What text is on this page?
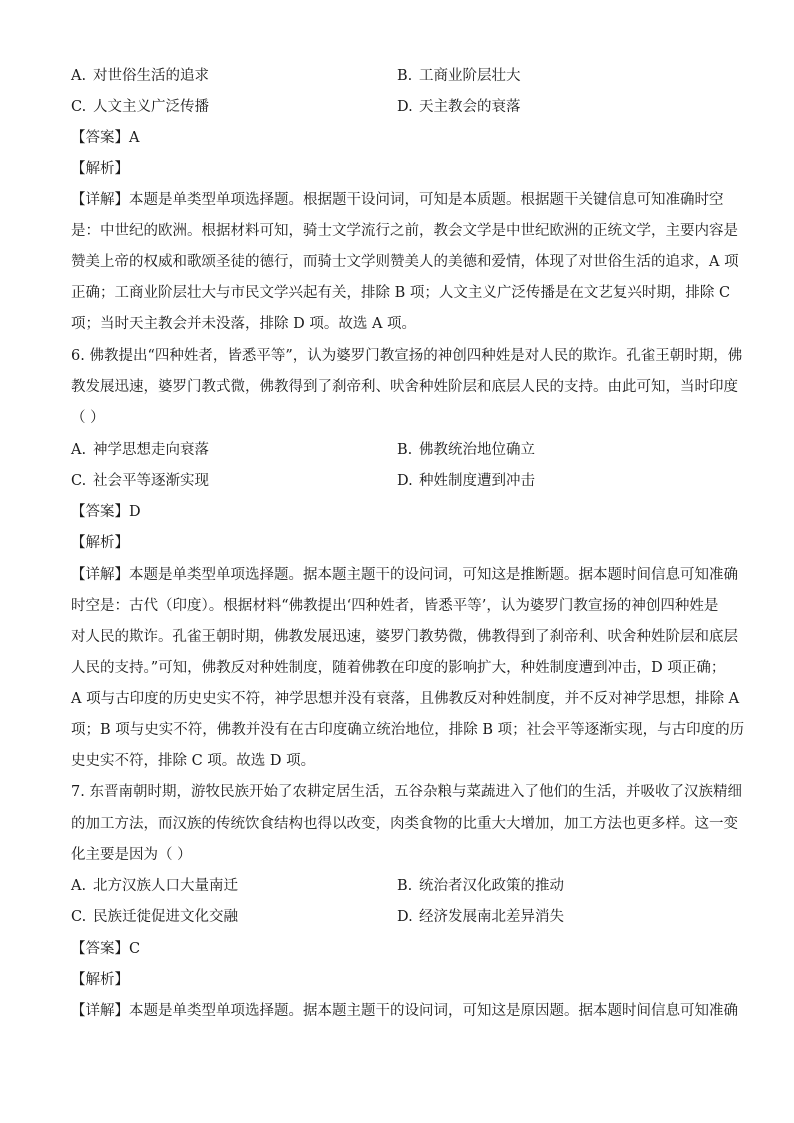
A. 对世俗生活的追求	B. 工商业阶层壮大
C. 人文主义广泛传播	D. 天主教会的衰落
【答案】A
【解析】
【详解】本题是单类型单项选择题。根据题干设问词，可知是本质题。根据题干关键信息可知准确时空
是：中世纪的欧洲。根据材料可知，骑士文学流行之前，教会文学是中世纪欧洲的正统文学，主要内容是
赞美上帝的权威和歌颂圣徒的德行，而骑士文学则赞美人的美德和爱情，体现了对世俗生活的追求，A 项
正确；工商业阶层壮大与市民文学兴起有关，排除 B 项；人文主义广泛传播是在文艺复兴时期，排除 C
项；当时天主教会并未没落，排除 D 项。故选 A 项。
6. 佛教提出“四种姓者，皆悉平等”，认为婆罗门教宣扬的神创四种姓是对人民的欺诈。孔雀王朝时期，佛
教发展迅速，婆罗门教式微，佛教得到了刹帝利、吠舍种姓阶层和底层人民的支持。由此可知，当时印度
（ ）
A. 神学思想走向衰落	B. 佛教统治地位确立
C. 社会平等逐渐实现	D. 种姓制度遭到冲击
【答案】D
【解析】
【详解】本题是单类型单项选择题。据本题主题干的设问词，可知这是推断题。据本题时间信息可知准确
时空是：古代（印度）。根据材料“佛教提出‘四种姓者，皆悉平等’，认为婆罗门教宣扬的神创四种姓是
对人民的欺诈。孔雀王朝时期，佛教发展迅速，婆罗门教势微，佛教得到了刹帝利、吠舍种姓阶层和底层
人民的支持。”可知，佛教反对种姓制度，随着佛教在印度的影响扩大，种姓制度遭到冲击，D 项正确；
A 项与古印度的历史史实不符，神学思想并没有衰落，且佛教反对种姓制度，并不反对神学思想，排除 A
项；B 项与史实不符，佛教并没有在古印度确立统治地位，排除 B 项；社会平等逐渐实现，与古印度的历
史史实不符，排除 C 项。故选 D 项。
7. 东晋南朝时期，游牧民族开始了农耕定居生活，五谷杂粮与菜蔬进入了他们的生活，并吸收了汉族精细
的加工方法，而汉族的传统饮食结构也得以改变，肉类食物的比重大大增加，加工方法也更多样。这一变
化主要是因为（ ）
A. 北方汉族人口大量南迁	B. 统治者汉化政策的推动
C. 民族迁徙促进文化交融	D. 经济发展南北差异消失
【答案】C
【解析】
【详解】本题是单类型单项选择题。据本题主题干的设问词，可知这是原因题。据本题时间信息可知准确
